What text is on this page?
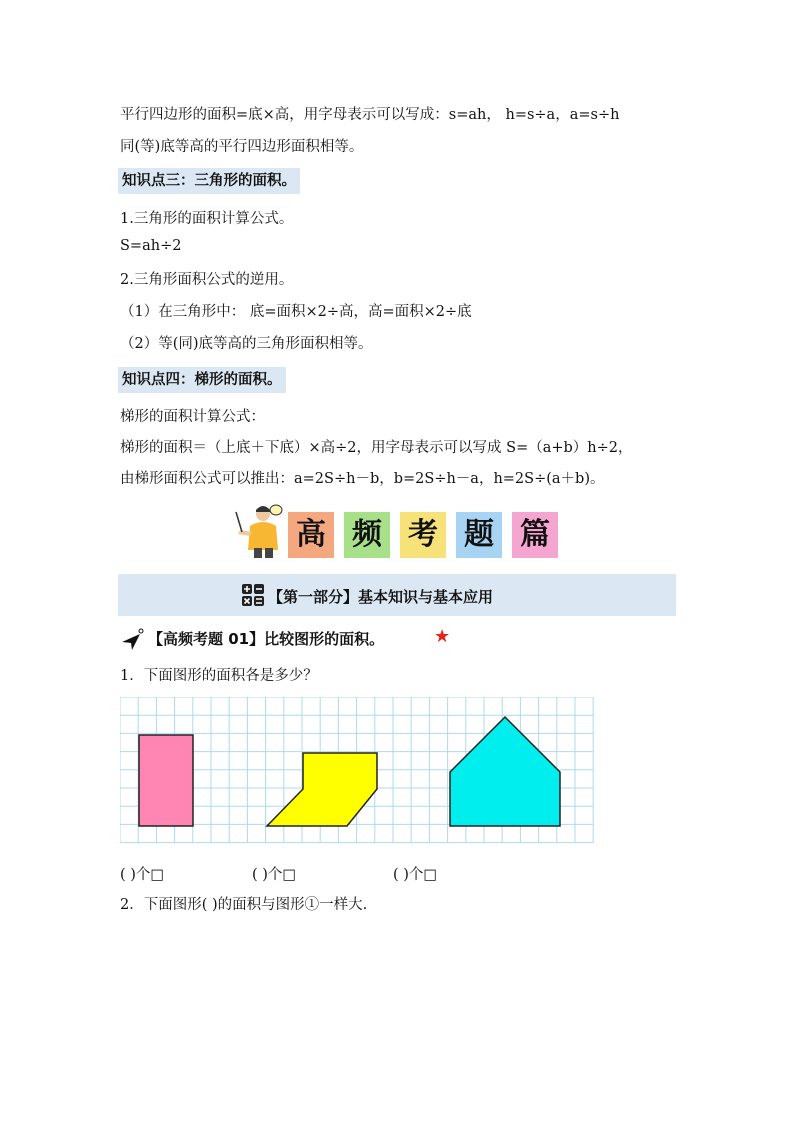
平行四边形的面积=底×高，用字母表示可以写成：s=ah， h=s÷a，a=s÷h
同(等)底等高的平行四边形面积相等。
知识点三：三角形的面积。
1.三角形的面积计算公式。
S=ah÷2
2.三角形面积公式的逆用。
（1）在三角形中： 底=面积×2÷高，高=面积×2÷底
（2）等(同)底等高的三角形面积相等。
知识点四：梯形的面积。
梯形的面积计算公式：
梯形的面积＝（上底＋下底）×高÷2，用字母表示可以写成 S=（a+b）h÷2，
由梯形面积公式可以推出：a=2S÷h－b，b=2S÷h－a，h=2S÷(a＋b)。
高 频 考 题 篇
【第一部分】基本知识与基本应用
【高频考题 01】比较图形的面积。	★
1．下面图形的面积各是多少？
( )个□	( )个□	( )个□
2．下面图形( )的面积与图形①一样大.
